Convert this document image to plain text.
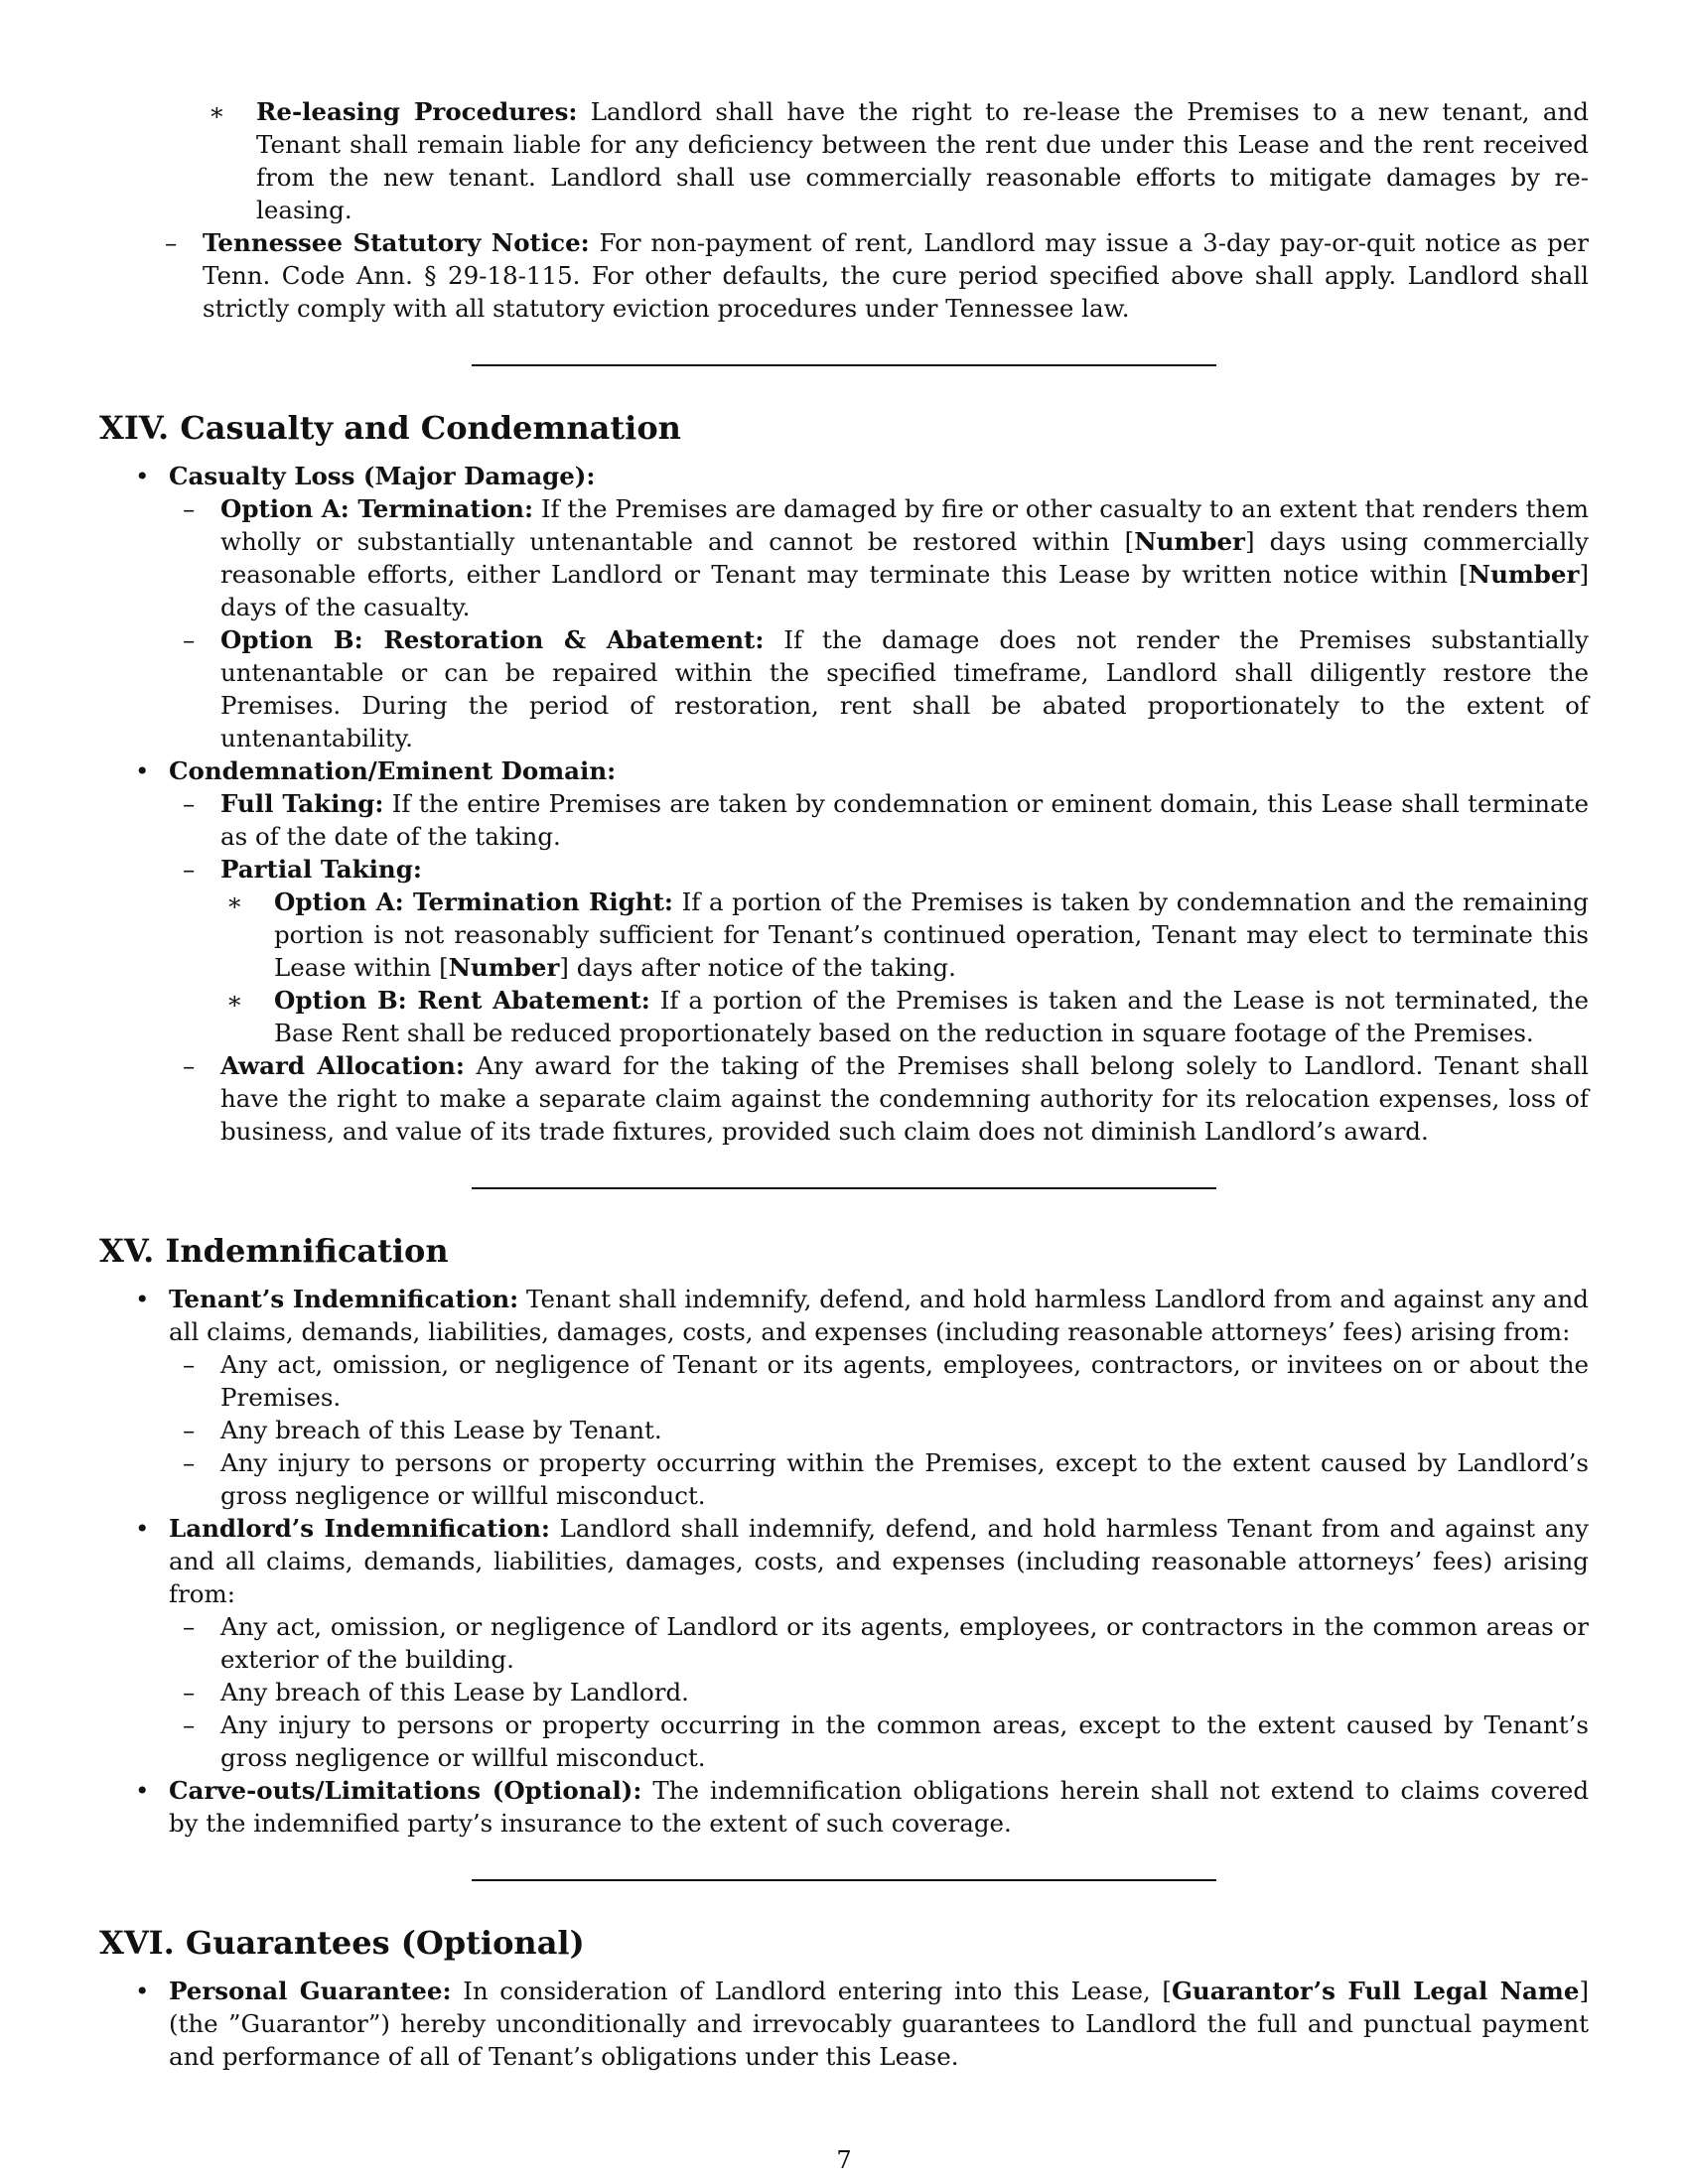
∗ Re-leasing Procedures: Landlord shall have the right to re-lease the Premises to a new tenant, and Tenant shall remain liable for any deficiency between the rent due under this Lease and the rent received from the new tenant. Landlord shall use commercially reasonable efforts to mitigate damages by re-leasing.
– Tennessee Statutory Notice: For non-payment of rent, Landlord may issue a 3-day pay-or-quit notice as per Tenn. Code Ann. § 29-18-115. For other defaults, the cure period specified above shall apply. Landlord shall strictly comply with all statutory eviction procedures under Tennessee law.
XIV. Casualty and Condemnation
• Casualty Loss (Major Damage):
– Option A: Termination: If the Premises are damaged by fire or other casualty to an extent that renders them wholly or substantially untenantable and cannot be restored within [Number] days using commercially reasonable efforts, either Landlord or Tenant may terminate this Lease by written notice within [Number] days of the casualty.
– Option B: Restoration & Abatement: If the damage does not render the Premises substantially untenantable or can be repaired within the specified timeframe, Landlord shall diligently restore the Premises. During the period of restoration, rent shall be abated proportionately to the extent of untenantability.
• Condemnation/Eminent Domain:
– Full Taking: If the entire Premises are taken by condemnation or eminent domain, this Lease shall terminate as of the date of the taking.
– Partial Taking:
∗ Option A: Termination Right: If a portion of the Premises is taken by condemnation and the remaining portion is not reasonably sufficient for Tenant’s continued operation, Tenant may elect to terminate this Lease within [Number] days after notice of the taking.
∗ Option B: Rent Abatement: If a portion of the Premises is taken and the Lease is not terminated, the Base Rent shall be reduced proportionately based on the reduction in square footage of the Premises.
– Award Allocation: Any award for the taking of the Premises shall belong solely to Landlord. Tenant shall have the right to make a separate claim against the condemning authority for its relocation expenses, loss of business, and value of its trade fixtures, provided such claim does not diminish Landlord’s award.
XV. Indemnification
• Tenant’s Indemnification: Tenant shall indemnify, defend, and hold harmless Landlord from and against any and all claims, demands, liabilities, damages, costs, and expenses (including reasonable attorneys’ fees) arising from:
– Any act, omission, or negligence of Tenant or its agents, employees, contractors, or invitees on or about the Premises.
– Any breach of this Lease by Tenant.
– Any injury to persons or property occurring within the Premises, except to the extent caused by Landlord’s gross negligence or willful misconduct.
• Landlord’s Indemnification: Landlord shall indemnify, defend, and hold harmless Tenant from and against any and all claims, demands, liabilities, damages, costs, and expenses (including reasonable attorneys’ fees) arising from:
– Any act, omission, or negligence of Landlord or its agents, employees, or contractors in the common areas or exterior of the building.
– Any breach of this Lease by Landlord.
– Any injury to persons or property occurring in the common areas, except to the extent caused by Tenant’s gross negligence or willful misconduct.
• Carve-outs/Limitations (Optional): The indemnification obligations herein shall not extend to claims covered by the indemnified party’s insurance to the extent of such coverage.
XVI. Guarantees (Optional)
• Personal Guarantee: In consideration of Landlord entering into this Lease, [Guarantor’s Full Legal Name] (the ”Guarantor”) hereby unconditionally and irrevocably guarantees to Landlord the full and punctual payment and performance of all of Tenant’s obligations under this Lease.
7
